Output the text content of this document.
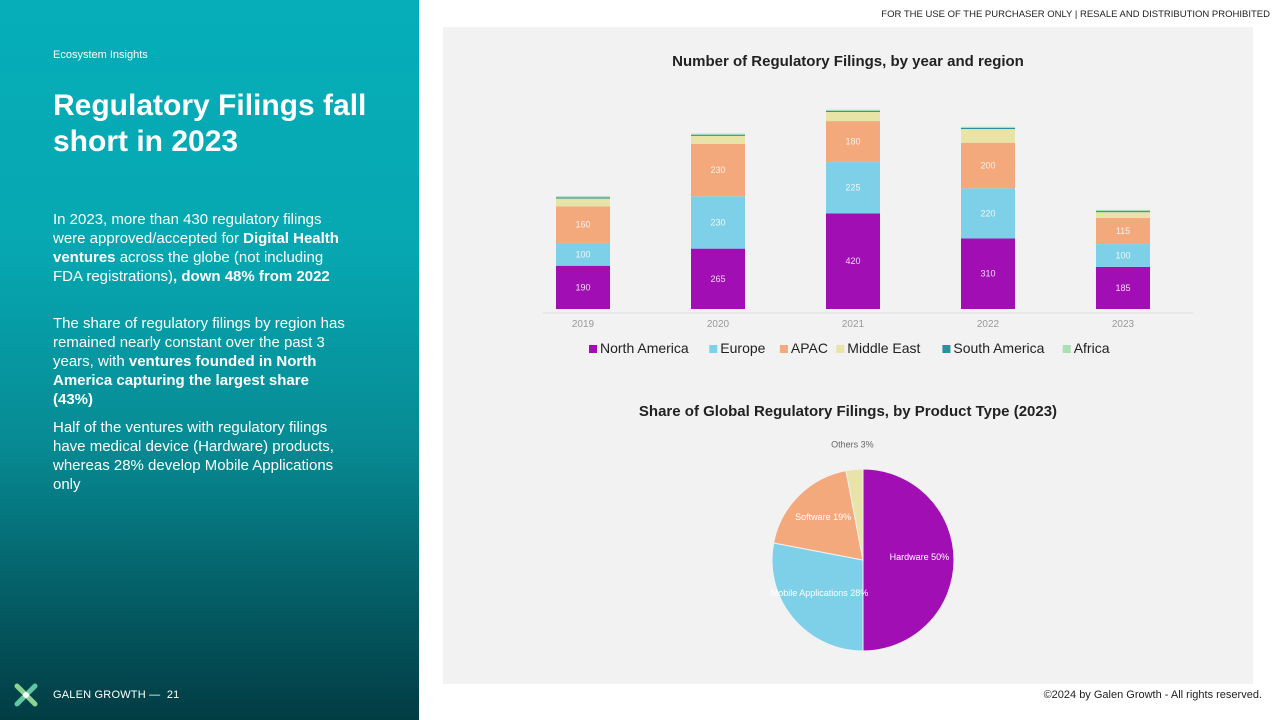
Ecosystem Insights
Regulatory Filings fall short in 2023
In 2023, more than 430 regulatory filings were approved/accepted for Digital Health ventures across the globe (not including FDA registrations), down 48% from 2022
The share of regulatory filings by region has remained nearly constant over the past 3 years, with ventures founded in North America capturing the largest share (43%)
Half of the ventures with regulatory filings have medical device (Hardware) products, whereas 28% develop Mobile Applications only
GALEN GROWTH — 21
FOR THE USE OF THE PURCHASER ONLY | RESALE AND DISTRIBUTION PROHIBITED
Number of Regulatory Filings, by year and region
190
100
160
2019
265
230
230
2020
420
225
180
2021
310
220
200
2022
185
100
115
2023
North America Europe APAC Middle East South America Africa
Share of Global Regulatory Filings, by Product Type (2023)
Hardware 50%
Mobile Applications 28%
Software 19%
Others 3%
©2024 by Galen Growth - All rights reserved.
